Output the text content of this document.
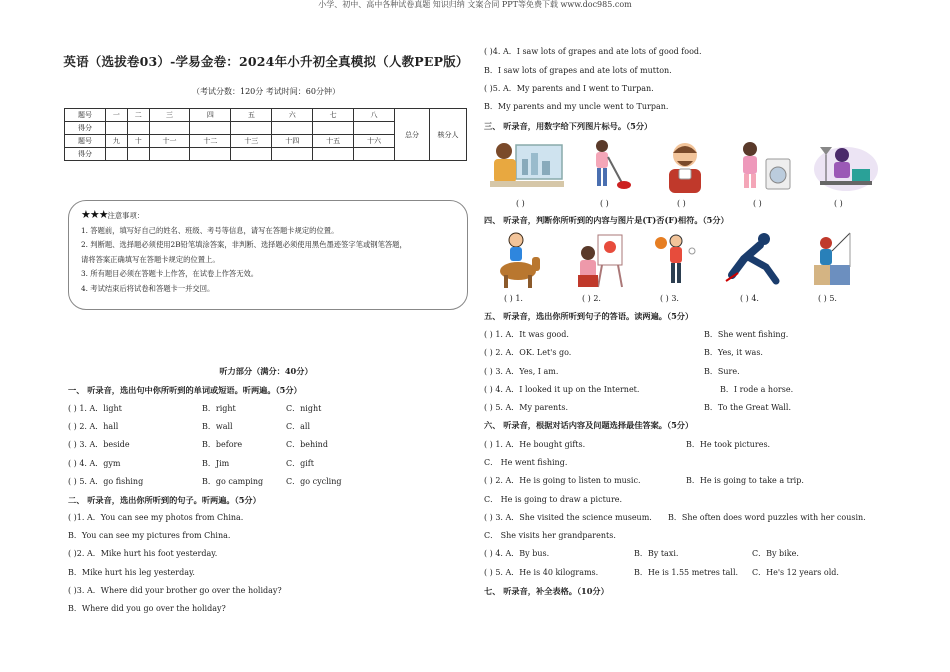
小学、初中、高中各种试卷真题 知识归纳 文案合同 PPT等免费下载 www.doc985.com
英语（选拔卷03）-学易金卷：2024年小升初全真模拟（人教PEP版）
（考试分数：120分 考试时间：60分钟）
题号	一	二	三	四	五	六	七	八	总分	核分人
得分										
题号	九	十	十一	十二	十三	十四	十五	十六		
得分										
★★★注意事项：
1. 答题前，填写好自己的姓名、班级、考号等信息，请写在答题卡规定的位置。
2. 判断题、选择题必须使用2B铅笔填涂答案，非判断、选择题必须使用黑色墨迹签字笔或钢笔答题，
请将答案正确填写在答题卡规定的位置上。
3. 所有题目必须在答题卡上作答，在试卷上作答无效。
4. 考试结束后将试卷和答题卡一并交回。
听力部分（满分：40分）
一、 听录音，选出句中你所听到的单词或短语。听两遍。（5分）
( ) 1. A．light	B．right	C．night
( ) 2. A．hall	B．wall	C．all
( ) 3. A．beside	B．before	C．behind
( ) 4. A．gym	B．Jim	C．gift
( ) 5. A．go fishing	B．go camping	C．go cycling
二、 听录音，选出你所听到的句子。听两遍。（5分）
( )1. A．You can see my photos from China.
B．You can see my pictures from China.
( )2. A．Mike hurt his foot yesterday.
B．Mike hurt his leg yesterday.
( )3. A．Where did your brother go over the holiday?
B．Where did you go over the holiday?
( )4. A．I saw lots of grapes and ate lots of good food.
B．I saw lots of grapes and ate lots of mutton.
( )5. A．My parents and I went to Turpan.
B．My parents and my uncle went to Turpan.
三、 听录音，用数字给下列图片标号。（5分）
( )	( )	( )	( )	( )
四、 听录音，判断你所听到的内容与图片是(T)否(F)相符。（5分）
( ) 1.	( ) 2.	( ) 3.	( ) 4.	( ) 5.
五、 听录音，选出你所听到句子的答语。读两遍。（5分）
( ) 1. A．It was good.	B．She went fishing.
( ) 2. A．OK. Let's go.	B．Yes, it was.
( ) 3. A．Yes, I am.	B．Sure.
( ) 4. A．I looked it up on the Internet.	B．I rode a horse.
( ) 5. A．My parents.	B．To the Great Wall.
六、 听录音，根据对话内容及问题选择最佳答案。（5分）
( ) 1. A．He bought gifts.	B．He took pictures.
C． He went fishing.
( ) 2. A．He is going to listen to music.	B．He is going to take a trip.
C． He is going to draw a picture.
( ) 3. A．She visited the science museum. B．She often does word puzzles with her cousin.
C． She visits her grandparents.
( ) 4. A．By bus.	B．By taxi.	C．By bike.
( ) 5. A．He is 40 kilograms.	B．He is 1.55 metres tall. C．He's 12 years old.
七、 听录音，补全表格。（10分）
